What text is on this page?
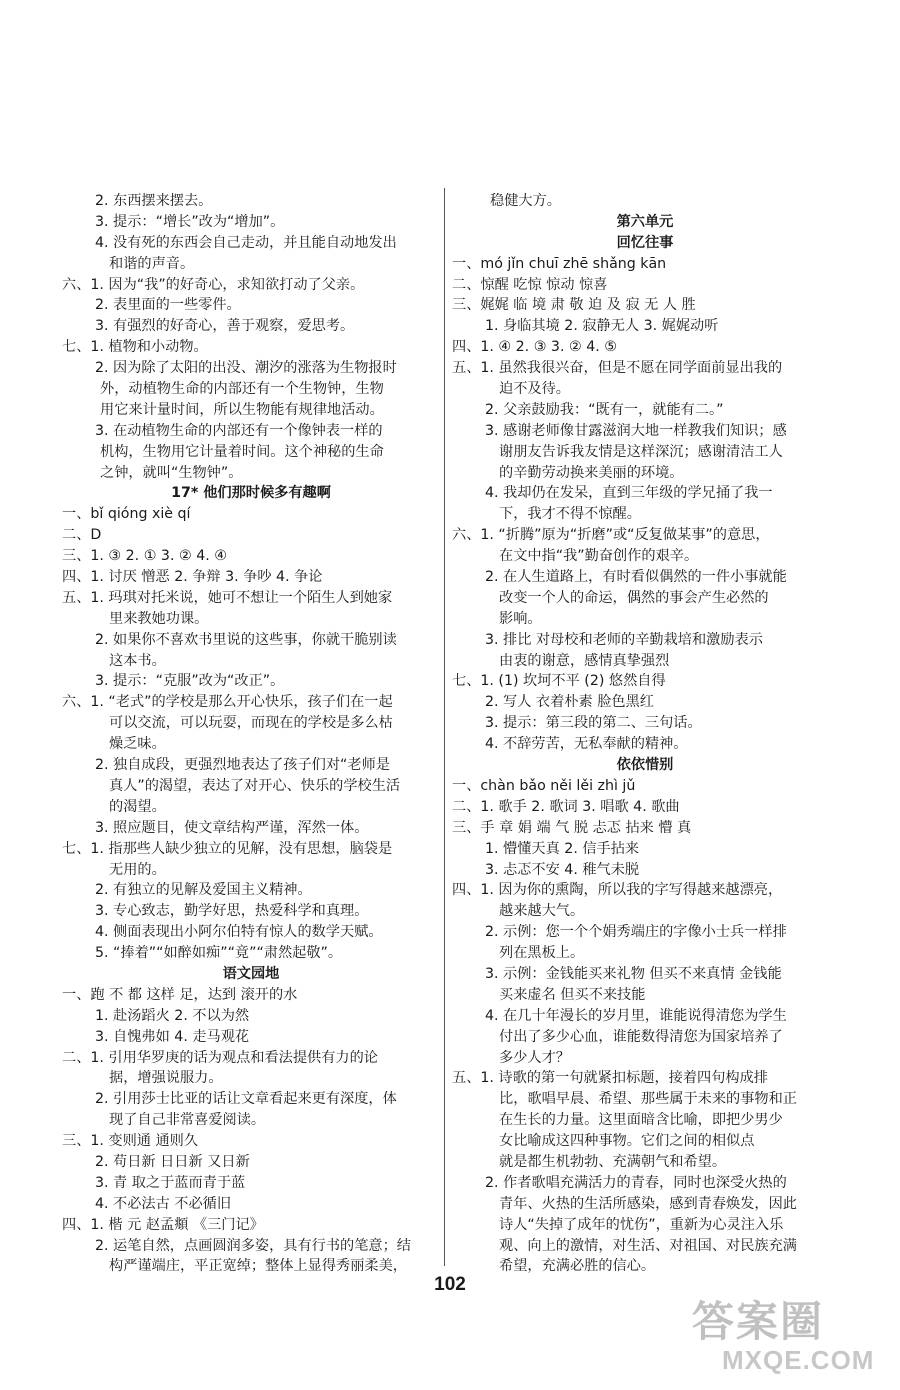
2. 东西摆来摆去。
3. 提示：“增长”改为“增加”。
4. 没有死的东西会自己走动，并且能自动地发出
和谐的声音。
六、1. 因为“我”的好奇心，求知欲打动了父亲。
2. 表里面的一些零件。
3. 有强烈的好奇心，善于观察，爱思考。
七、1. 植物和小动物。
2. 因为除了太阳的出没、潮汐的涨落为生物报时
外，动植物生命的内部还有一个生物钟，生物
用它来计量时间，所以生物能有规律地活动。
3. 在动植物生命的内部还有一个像钟表一样的
机构，生物用它计量着时间。这个神秘的生命
之钟，就叫“生物钟”。
17* 他们那时候多有趣啊
一、bǐ qióng xiè qí
二、D
三、1. ③ 2. ① 3. ② 4. ④
四、1. 讨厌 憎恶 2. 争辩 3. 争吵 4. 争论
五、1. 玛琪对托米说，她可不想让一个陌生人到她家
里来教她功课。
2. 如果你不喜欢书里说的这些事，你就干脆别读
这本书。
3. 提示：“克服”改为“改正”。
六、1. “老式”的学校是那么开心快乐，孩子们在一起
可以交流，可以玩耍，而现在的学校是多么枯
燥乏味。
2. 独自成段，更强烈地表达了孩子们对“老师是
真人”的渴望，表达了对开心、快乐的学校生活
的渴望。
3. 照应题目，使文章结构严谨，浑然一体。
七、1. 指那些人缺少独立的见解，没有思想，脑袋是
无用的。
2. 有独立的见解及爱国主义精神。
3. 专心致志，勤学好思，热爱科学和真理。
4. 侧面表现出小阿尔伯特有惊人的数学天赋。
5. “捧着”“如醉如痴”“竟”“肃然起敬”。
语文园地
一、跑 不 都 这样 足，达到 滚开的水
1. 赴汤蹈火 2. 不以为然
3. 自愧弗如 4. 走马观花
二、1. 引用华罗庚的话为观点和看法提供有力的论
据，增强说服力。
2. 引用莎士比亚的话让文章看起来更有深度，体
现了自己非常喜爱阅读。
三、1. 变则通 通则久
2. 苟日新 日日新 又日新
3. 青 取之于蓝而青于蓝
4. 不必法古 不必循旧
四、1. 楷 元 赵孟頫 《三门记》
2. 运笔自然，点画圆润多姿，具有行书的笔意；结
构严谨端庄，平正宽绰；整体上显得秀丽柔美，
稳健大方。
第六单元
回忆往事
一、mó jǐn chuī zhē shǎng kān
二、惊醒 吃惊 惊动 惊喜
三、娓娓 临 境 肃 敬 迫 及 寂 无 人 胜
1. 身临其境 2. 寂静无人 3. 娓娓动听
四、1. ④ 2. ③ 3. ② 4. ⑤
五、1. 虽然我很兴奋，但是不愿在同学面前显出我的
迫不及待。
2. 父亲鼓励我：“既有一，就能有二。”
3. 感谢老师像甘露滋润大地一样教我们知识；感
谢朋友告诉我友情是这样深沉；感谢清洁工人
的辛勤劳动换来美丽的环境。
4. 我却仍在发呆，直到三年级的学兄捅了我一
下，我才不得不惊醒。
六、1. “折腾”原为“折磨”或“反复做某事”的意思，
在文中指“我”勤奋创作的艰辛。
2. 在人生道路上，有时看似偶然的一件小事就能
改变一个人的命运，偶然的事会产生必然的
影响。
3. 排比 对母校和老师的辛勤栽培和激励表示
由衷的谢意，感情真挚强烈
七、1. (1) 坎坷不平 (2) 悠然自得
2. 写人 衣着朴素 脸色黑红
3. 提示：第三段的第二、三句话。
4. 不辞劳苦，无私奉献的精神。
依依惜别
一、chàn bǎo něi lěi zhì jǔ
二、1. 歌手 2. 歌词 3. 唱歌 4. 歌曲
三、手 章 娟 端 气 脱 忐忑 拈来 懵 真
1. 懵懂天真 2. 信手拈来
3. 忐忑不安 4. 稚气未脱
四、1. 因为你的熏陶，所以我的字写得越来越漂亮，
越来越大气。
2. 示例：您一个个娟秀端庄的字像小士兵一样排
列在黑板上。
3. 示例：金钱能买来礼物 但买不来真情 金钱能
买来虚名 但买不来技能
4. 在几十年漫长的岁月里，谁能说得清您为学生
付出了多少心血，谁能数得清您为国家培养了
多少人才？
五、1. 诗歌的第一句就紧扣标题，接着四句构成排
比，歌唱早晨、希望、那些属于未来的事物和正
在生长的力量。这里面暗含比喻，即把少男少
女比喻成这四种事物。它们之间的相似点
就是都生机勃勃、充满朝气和希望。
2. 作者歌唱充满活力的青春，同时也深受火热的
青年、火热的生活所感染，感到青春焕发，因此
诗人“失掉了成年的忧伤”，重新为心灵注入乐
观、向上的激情，对生活、对祖国、对民族充满
希望，充满必胜的信心。
102
答案圈
MXQE.COM
